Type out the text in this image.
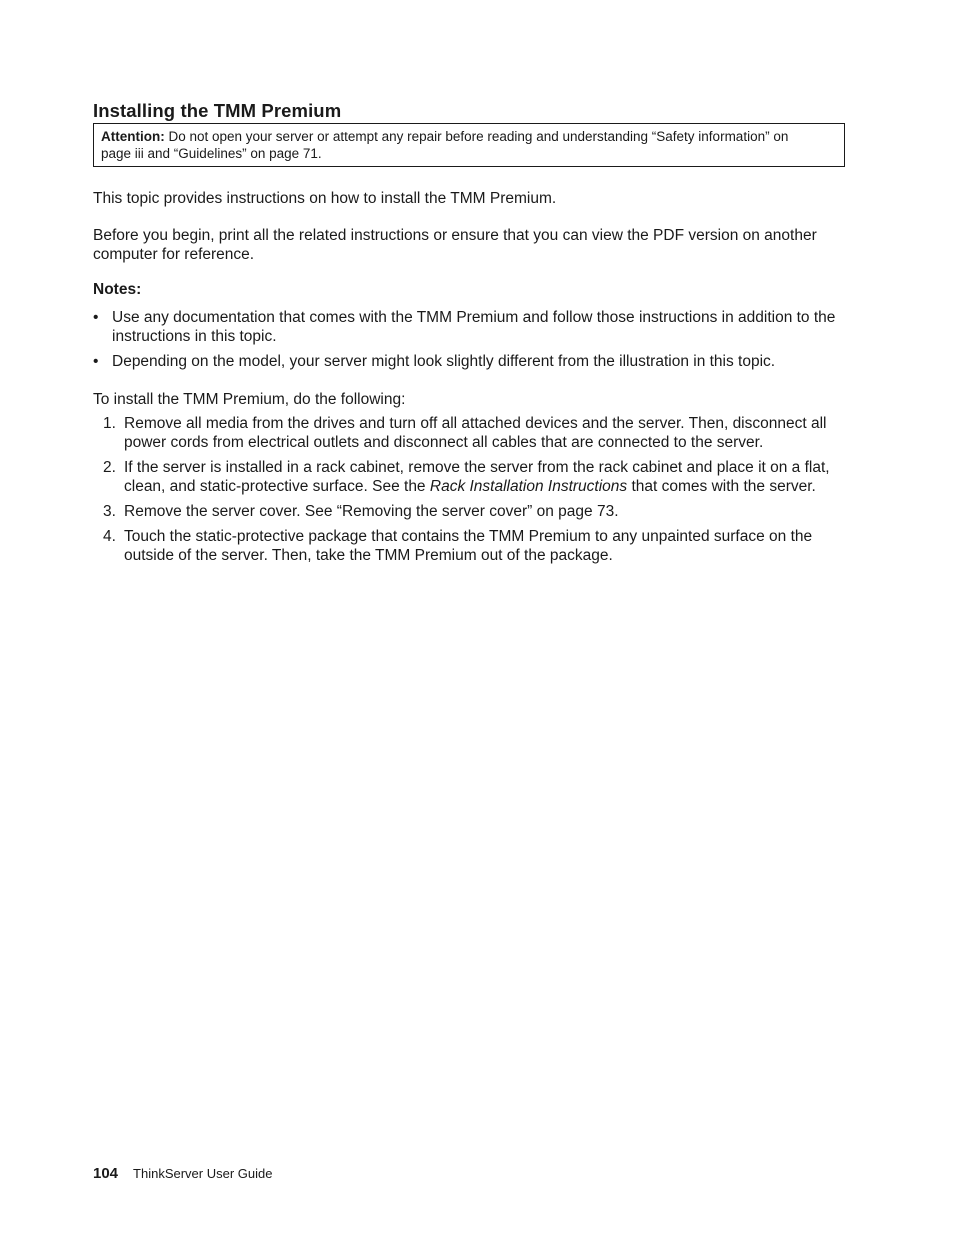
Installing the TMM Premium
Attention: Do not open your server or attempt any repair before reading and understanding “Safety information” on page iii and “Guidelines” on page 71.

This topic provides instructions on how to install the TMM Premium.

Before you begin, print all the related instructions or ensure that you can view the PDF version on another computer for reference.

Notes:
• Use any documentation that comes with the TMM Premium and follow those instructions in addition to the instructions in this topic.
• Depending on the model, your server might look slightly different from the illustration in this topic.

To install the TMM Premium, do the following:

1. Remove all media from the drives and turn off all attached devices and the server. Then, disconnect all power cords from electrical outlets and disconnect all cables that are connected to the server.
2. If the server is installed in a rack cabinet, remove the server from the rack cabinet and place it on a flat, clean, and static-protective surface. See the Rack Installation Instructions that comes with the server.
3. Remove the server cover. See “Removing the server cover” on page 73.
4. Touch the static-protective package that contains the TMM Premium to any unpainted surface on the outside of the server. Then, take the TMM Premium out of the package.
104 ThinkServer User Guide
